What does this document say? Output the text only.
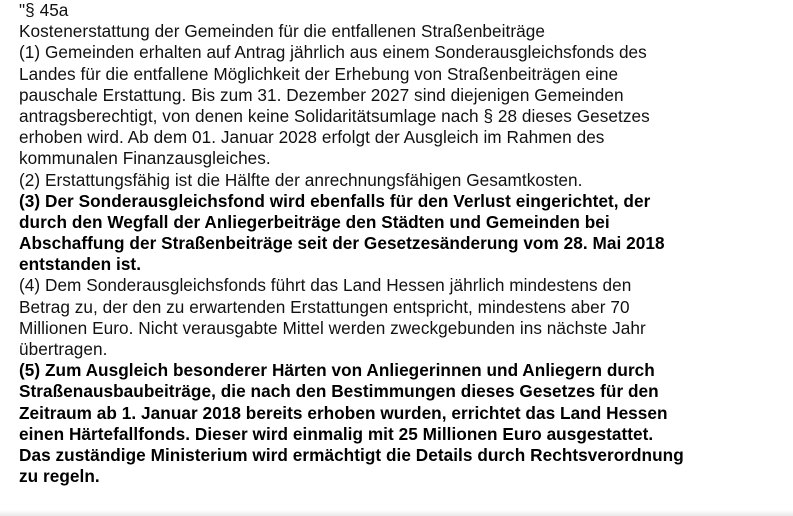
"§ 45a
Kostenerstattung der Gemeinden für die entfallenen Straßenbeiträge
(1) Gemeinden erhalten auf Antrag jährlich aus einem Sonderausgleichsfonds des
Landes für die entfallene Möglichkeit der Erhebung von Straßenbeiträgen eine
pauschale Erstattung. Bis zum 31. Dezember 2027 sind diejenigen Gemeinden
antragsberechtigt, von denen keine Solidaritätsumlage nach § 28 dieses Gesetzes
erhoben wird. Ab dem 01. Januar 2028 erfolgt der Ausgleich im Rahmen des
kommunalen Finanzausgleiches.
(2) Erstattungsfähig ist die Hälfte der anrechnungsfähigen Gesamtkosten.
(3) Der Sonderausgleichsfond wird ebenfalls für den Verlust eingerichtet, der
durch den Wegfall der Anliegerbeiträge den Städten und Gemeinden bei
Abschaffung der Straßenbeiträge seit der Gesetzesänderung vom 28. Mai 2018
entstanden ist.
(4) Dem Sonderausgleichsfonds führt das Land Hessen jährlich mindestens den
Betrag zu, der den zu erwartenden Erstattungen entspricht, mindestens aber 70
Millionen Euro. Nicht verausgabte Mittel werden zweckgebunden ins nächste Jahr
übertragen.
(5) Zum Ausgleich besonderer Härten von Anliegerinnen und Anliegern durch
Straßenausbaubeiträge, die nach den Bestimmungen dieses Gesetzes für den
Zeitraum ab 1. Januar 2018 bereits erhoben wurden, errichtet das Land Hessen
einen Härtefallfonds. Dieser wird einmalig mit 25 Millionen Euro ausgestattet.
Das zuständige Ministerium wird ermächtigt die Details durch Rechtsverordnung
zu regeln.
